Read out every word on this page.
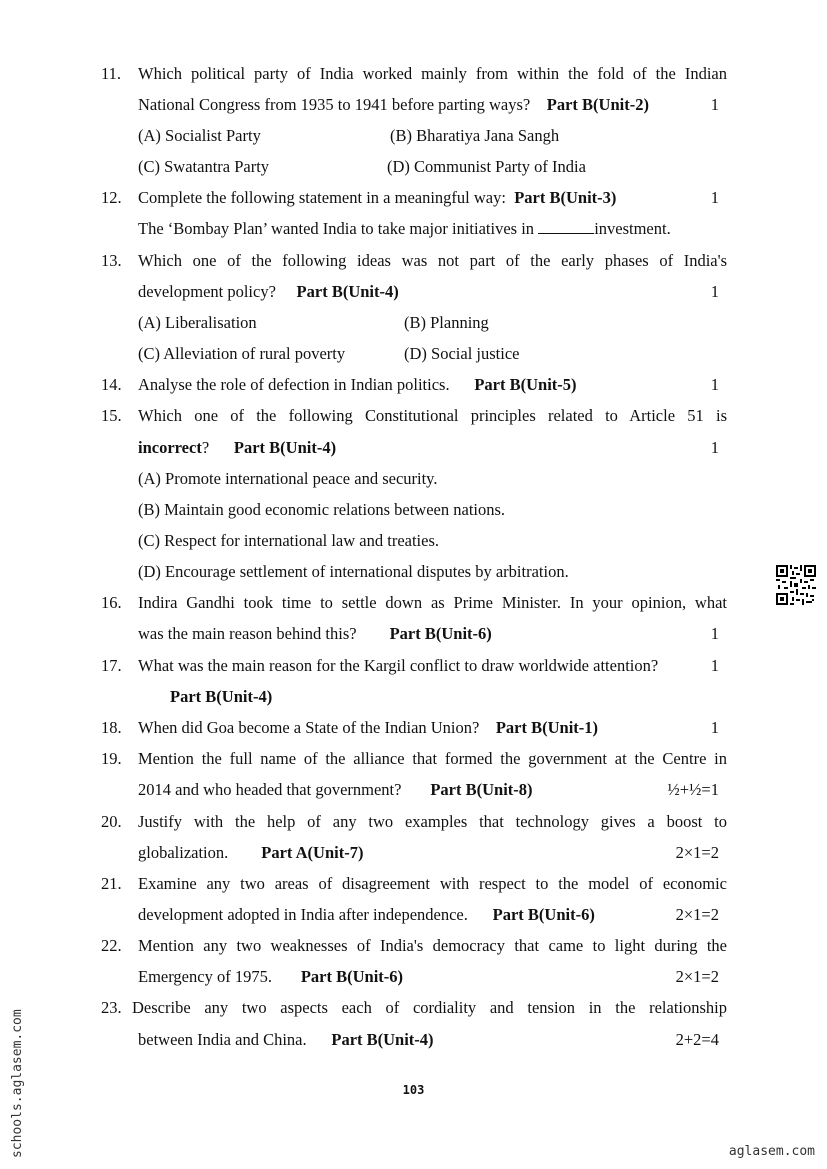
11. Which political party of India worked mainly from within the fold of the Indian
National Congress from 1935 to 1941 before parting ways? Part B(Unit-2)	1
(A) Socialist Party	(B) Bharatiya Jana Sangh
(C) Swatantra Party	(D) Communist Party of India
12. Complete the following statement in a meaningful way: Part B(Unit-3)	1
The ‘Bombay Plan’ wanted India to take major initiatives in	investment.
13. Which one of the following ideas was not part of the early phases of India's
development policy? Part B(Unit-4)	1
(A) Liberalisation	(B) Planning
(C) Alleviation of rural poverty	(D) Social justice
14. Analyse the role of defection in Indian politics. Part B(Unit-5)	1
15. Which one of the following Constitutional principles related to Article 51 is
incorrect? Part B(Unit-4)	1
(A) Promote international peace and security.
(B) Maintain good economic relations between nations.
(C) Respect for international law and treaties.
(D) Encourage settlement of international disputes by arbitration.
16. Indira Gandhi took time to settle down as Prime Minister. In your opinion, what
was the main reason behind this? Part B(Unit-6)	1
17. What was the main reason for the Kargil conflict to draw worldwide attention?	1
Part B(Unit-4)
18. When did Goa become a State of the Indian Union? Part B(Unit-1)	1
19. Mention the full name of the alliance that formed the government at the Centre in
2014 and who headed that government? Part B(Unit-8)	½+½=1
20. Justify with the help of any two examples that technology gives a boost to
globalization. Part A(Unit-7)	2×1=2
21. Examine any two areas of disagreement with respect to the model of economic
development adopted in India after independence. Part B(Unit-6)	2×1=2
22. Mention any two weaknesses of India's democracy that came to light during the
Emergency of 1975. Part B(Unit-6)	2×1=2
23. Describe any two aspects each of cordiality and tension in the relationship
between India and China. Part B(Unit-4)	2+2=4
103
schools.aglasem.com	aglasem.com
